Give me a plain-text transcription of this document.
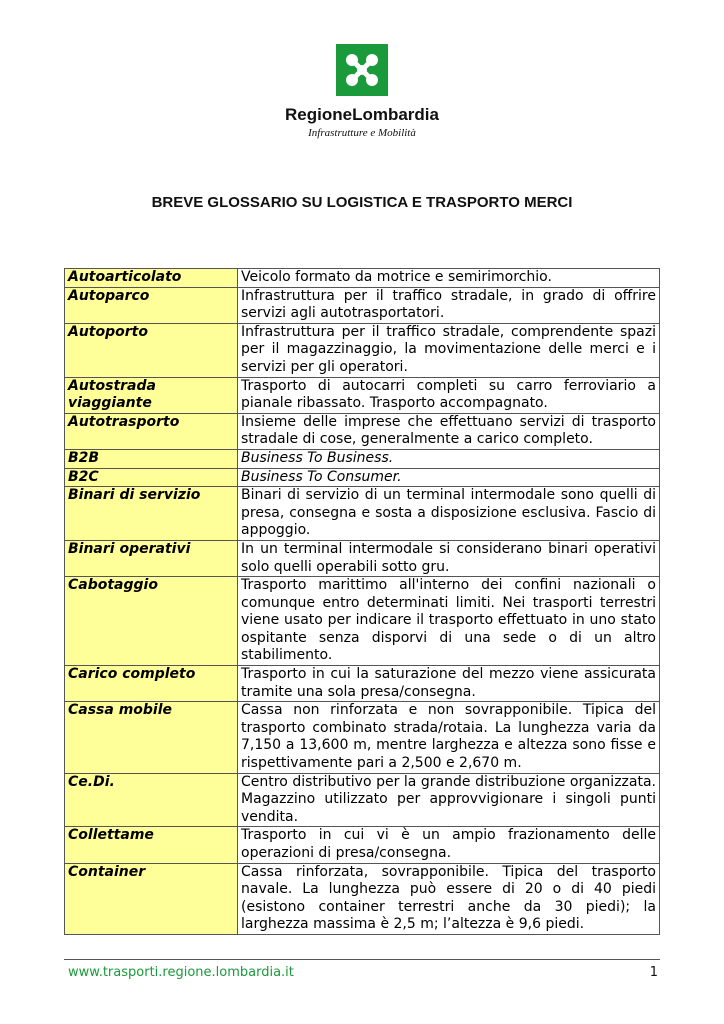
RegioneLombardia
Infrastrutture e Mobilità
BREVE GLOSSARIO SU LOGISTICA E TRASPORTO MERCI
Autoarticolato	Veicolo formato da motrice e semirimorchio.
Autoparco	Infrastruttura per il traffico stradale, in grado di offrire servizi agli autotrasportatori.
Autoporto	Infrastruttura per il traffico stradale, comprendente spazi per il magazzinaggio, la movimentazione delle merci e i servizi per gli operatori.
Autostrada viaggiante	Trasporto di autocarri completi su carro ferroviario a pianale ribassato. Trasporto accompagnato.
Autotrasporto	Insieme delle imprese che effettuano servizi di trasporto stradale di cose, generalmente a carico completo.
B2B	Business To Business.
B2C	Business To Consumer.
Binari di servizio	Binari di servizio di un terminal intermodale sono quelli di presa, consegna e sosta a disposizione esclusiva. Fascio di appoggio.
Binari operativi	In un terminal intermodale si considerano binari operativi solo quelli operabili sotto gru.
Cabotaggio	Trasporto marittimo all'interno dei confini nazionali o comunque entro determinati limiti. Nei trasporti terrestri viene usato per indicare il trasporto effettuato in uno stato ospitante senza disporvi di una sede o di un altro stabilimento.
Carico completo	Trasporto in cui la saturazione del mezzo viene assicurata tramite una sola presa/consegna.
Cassa mobile	Cassa non rinforzata e non sovrapponibile. Tipica del trasporto combinato strada/rotaia. La lunghezza varia da 7,150 a 13,600 m, mentre larghezza e altezza sono fisse e rispettivamente pari a 2,500 e 2,670 m.
Ce.Di.	Centro distributivo per la grande distribuzione organizzata. Magazzino utilizzato per approvvigionare i singoli punti vendita.
Collettame	Trasporto in cui vi è un ampio frazionamento delle operazioni di presa/consegna.
Container	Cassa rinforzata, sovrapponibile. Tipica del trasporto navale. La lunghezza può essere di 20 o di 40 piedi (esistono container terrestri anche da 30 piedi); la larghezza massima è 2,5 m; l’altezza è 9,6 piedi.
www.trasporti.regione.lombardia.it	1
